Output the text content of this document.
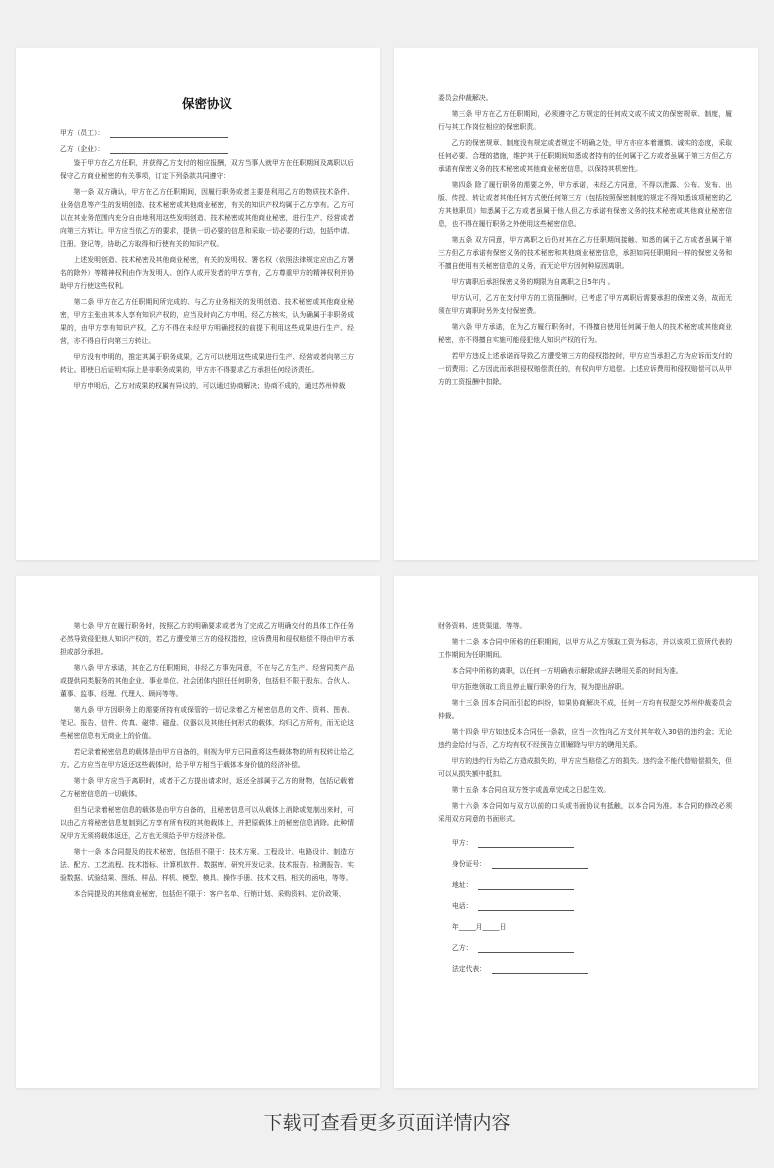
保密协议
甲方（员工）：
乙方（企业）：

鉴于甲方在乙方任职，并获得乙方支付的相应报酬，双方当事人就甲方在任职期间及离职以后保守乙方商业秘密的有关事项，订定下列条款共同遵守：

第一条 双方确认，甲方在乙方任职期间，因履行职务或者主要是利用乙方的物质技术条件、业务信息等产生的发明创造、技术秘密或其他商业秘密，有关的知识产权均属于乙方享有。乙方可以在其业务范围内充分自由地利用这些发明创造、技术秘密或其他商业秘密，进行生产、经营或者向第三方转让。甲方应当依乙方的要求，提供一切必要的信息和采取一切必要的行动，包括申请、注册、登记等，协助乙方取得和行使有关的知识产权。

上述发明创造、技术秘密及其他商业秘密，有关的发明权、署名权（依照法律规定应由乙方署名的除外）等精神权利由作为发明人、创作人或开发者的甲方享有，乙方尊重甲方的精神权利并协助甲方行使这些权利。

第二条 甲方在乙方任职期间所完成的、与乙方业务相关的发明创造、技术秘密或其他商业秘密，甲方主张由其本人享有知识产权的，应当及时向乙方申明。经乙方核实，认为确属于非职务成果的，由甲方享有知识产权，乙方不得在未经甲方明确授权的前提下利用这些成果进行生产、经营，亦不得自行向第三方转让。

甲方没有申明的，推定其属于职务成果，乙方可以使用这些成果进行生产、经营或者向第三方转让。即使日后证明实际上是非职务成果的，甲方亦不得要求乙方承担任何经济责任。

甲方申明后，乙方对成果的权属有异议的，可以通过协商解决；协商不成的，通过苏州仲裁

委员会仲裁解决。

第三条 甲方在乙方任职期间，必须遵守乙方规定的任何成文或不成文的保密规章、制度，履行与其工作岗位相应的保密职责。

乙方的保密规章、制度没有规定或者规定不明确之处，甲方亦应本着谨慎、诚实的态度，采取任何必要、合理的措施，维护其于任职期间知悉或者持有的任何属于乙方或者虽属于第三方但乙方承诺有保密义务的技术秘密或其他商业秘密信息，以保持其机密性。

第四条 除了履行职务的需要之外，甲方承诺，未经乙方同意，不得以泄露、公布、发布、出版、传授、转让或者其他任何方式使任何第三方（包括按照保密制度的规定不得知悉该项秘密的乙方其他职员）知悉属于乙方或者虽属于他人但乙方承诺有保密义务的技术秘密或其他商业秘密信息，也不得在履行职务之外使用这些秘密信息。

第五条 双方同意，甲方离职之后仍对其在乙方任职期间接触、知悉的属于乙方或者虽属于第三方但乙方承诺有保密义务的技术秘密和其他商业秘密信息，承担如同任职期间一样的保密义务和不擅自使用有关秘密信息的义务，而无论甲方因何种原因离职。

甲方离职后承担保密义务的期限为自离职之日5年内 。

甲方认可，乙方在支付甲方的工资报酬时，已考虑了甲方离职后需要承担的保密义务，故而无须在甲方离职时另外支付保密费。

第六条 甲方承诺，在为乙方履行职务时，不得擅自使用任何属于他人的技术秘密或其他商业秘密，亦不得擅自实施可能侵犯他人知识产权的行为。

若甲方违反上述承诺而导致乙方遭受第三方的侵权指控时，甲方应当承担乙方为应诉而支付的一切费用；乙方因此而承担侵权赔偿责任的，有权向甲方追偿。上述应诉费用和侵权赔偿可以从甲方的工资报酬中扣除。

第七条 甲方在履行职务时，按照乙方的明确要求或者为了完成乙方明确交付的具体工作任务必然导致侵犯他人知识产权的，若乙方遭受第三方的侵权指控，应诉费用和侵权赔偿不得由甲方承担或部分承担。

第八条 甲方承诺，其在乙方任职期间，非经乙方事先同意，不在与乙方生产、经营同类产品或提供同类服务的其他企业、事业单位、社会团体内担任任何职务，包括但不限于股东、合伙人、董事、监事、经理、代理人、顾问等等。

第九条 甲方因职务上的需要所持有或保管的一切记录着乙方秘密信息的文件、资料、图表、笔记、报告、信件、传真、磁带、磁盘、仪器以及其他任何形式的载体，均归乙方所有，而无论这些秘密信息有无商业上的价值。

若记录着秘密信息的载体是由甲方自备的，则视为甲方已同意将这些载体物的所有权转让给乙方。乙方应当在甲方返还这些载体时，给予甲方相当于载体本身价值的经济补偿。

第十条 甲方应当于离职时，或者于乙方提出请求时，返还全部属于乙方的财物，包括记载着乙方秘密信息的一切载体。

但当记录着秘密信息的载体是由甲方自备的，且秘密信息可以从载体上消除或复制出来时，可以由乙方将秘密信息复制到乙方享有所有权的其他载体上，并把原载体上的秘密信息消除。此种情况甲方无须将载体返还，乙方也无须给予甲方经济补偿。

第十一条 本合同提及的技术秘密，包括但不限于：技术方案、工程设计、电路设计、制造方法、配方、工艺流程、技术指标、计算机软件、数据库、研究开发记录、技术报告、检测报告、实验数据、试验结果、图纸、样品、样机、模型、模具、操作手册、技术文档、相关的函电，等等。

本合同提及的其他商业秘密，包括但不限于：客户名单、行销计划、采购资料、定价政策、

财务资料、进货渠道、等等。

第十二条 本合同中所称的任职期间，以甲方从乙方领取工资为标志，并以该项工资所代表的工作期间为任职期间。

本合同中所称的离职，以任何一方明确表示解除或辞去聘用关系的时间为准。

甲方拒绝领取工资且停止履行职务的行为，视为提出辞职。

第十三条 因本合同而引起的纠纷，如果协商解决不成，任何一方均有权提交苏州仲裁委员会仲裁。

第十四条 甲方如违反本合同任一条款，应当一次性向乙方支付其年收入30倍的违约金；无论违约金给付与否，乙方均有权不经预告立即解除与甲方的聘用关系。

甲方的违约行为给乙方造成损失的，甲方应当赔偿乙方的损失。违约金不能代替赔偿损失，但可以从损失额中抵扣。

第十五条 本合同自双方签字或盖章完成之日起生效。

第十六条 本合同如与双方以前的口头或书面协议有抵触，以本合同为准。本合同的修改必须采用双方同意的书面形式。

甲方：
身份证号：
地址：
电话：
年_____月_____日
乙方：
法定代表：
下载可查看更多页面详情内容
